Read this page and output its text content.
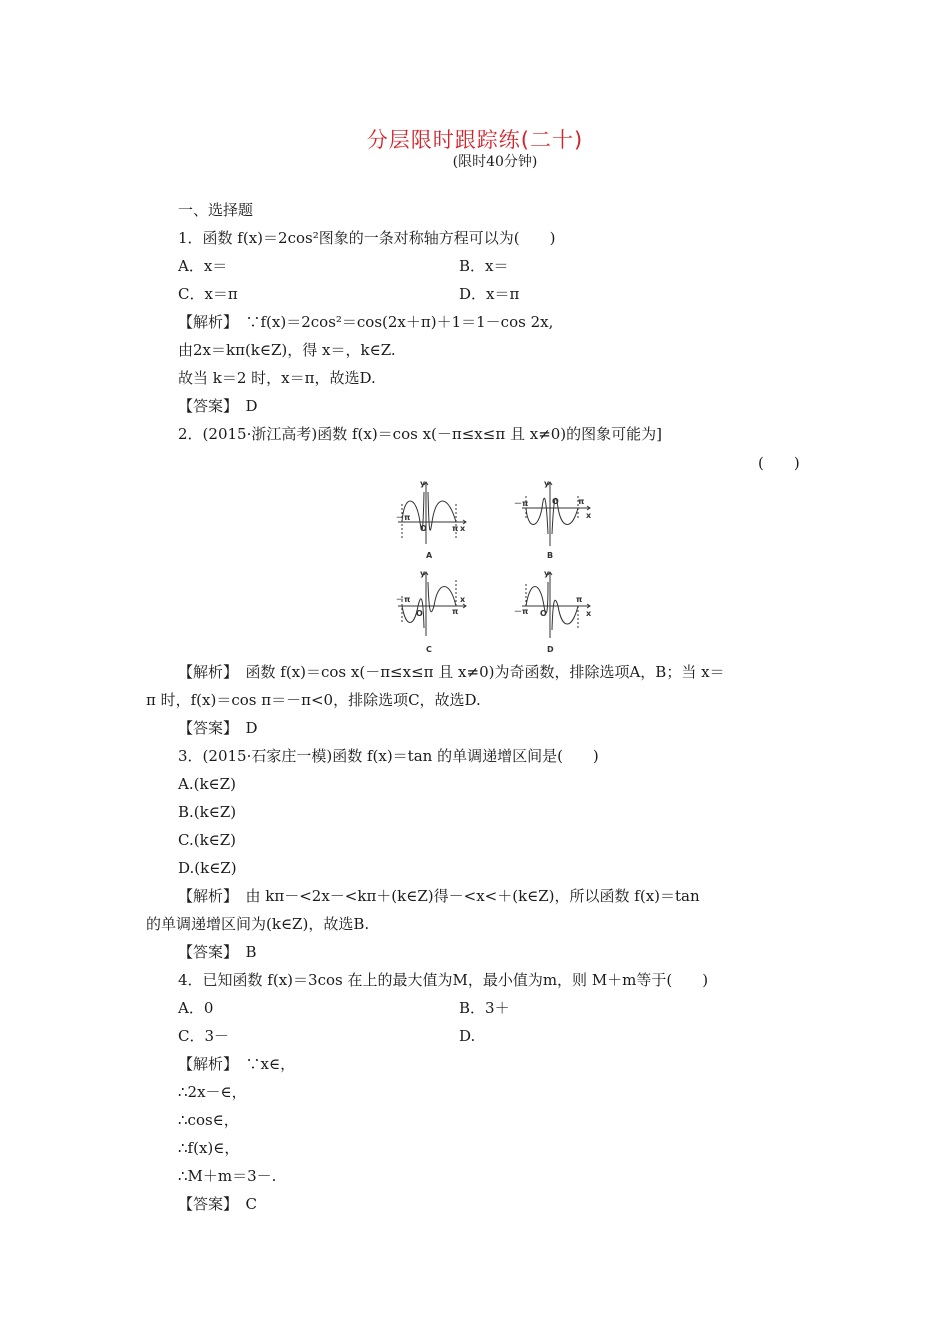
分层限时跟踪练(二十)
(限时40分钟)
一、选择题
1．函数 f(x)＝2cos²图象的一条对称轴方程可以为(　　)
A．x＝	B．x＝
C．x＝π	D．x＝π
【解析】　∵f(x)＝2cos²＝cos(2x＋π)＋1＝1－cos 2x,
由2x＝kπ(k∈Z)，得 x＝，k∈Z.
故当 k＝2 时，x＝π，故选D.
【答案】　D
2．(2015·浙江高考)函数 f(x)＝cos x(－π≤x≤π 且 x≠0)的图象可能为]
(　　)
y
O
－π
π x
A
y
O
－π	π
x
B
y
O
－π
π
x
C
y
O
－π
π
x
D
【解析】　函数 f(x)＝cos x(－π≤x≤π 且 x≠0)为奇函数，排除选项A，B；当 x＝
π 时，f(x)＝cos π＝－π<0，排除选项C，故选D.
【答案】　D
3．(2015·石家庄一模)函数 f(x)＝tan 的单调递增区间是(　　)
A.(k∈Z)
B.(k∈Z)
C.(k∈Z)
D.(k∈Z)
【解析】　由 kπ－<2x－<kπ＋(k∈Z)得－<x<＋(k∈Z)，所以函数 f(x)＝tan
的单调递增区间为(k∈Z)，故选B.
【答案】　B
4．已知函数 f(x)＝3cos 在上的最大值为M，最小值为m，则 M＋m等于(　　)
A．0	B．3＋
C．3－	D.
【解析】　∵x∈，
∴2x－∈，
∴cos∈，
∴f(x)∈，
∴M＋m＝3－.
【答案】　C
